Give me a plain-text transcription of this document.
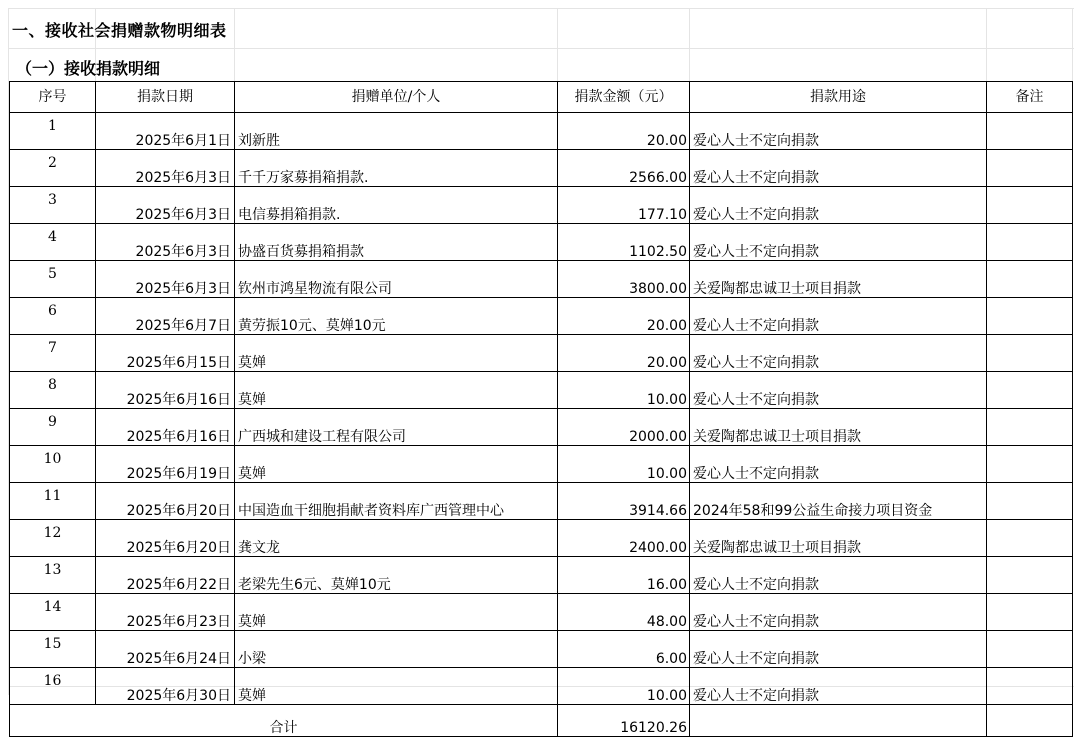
一、接收社会捐赠款物明细表
（一）接收捐款明细
序号	捐款日期	捐赠单位/个人	捐款金额（元）	捐款用途	备注
1	2025年6月1日	刘新胜	20.00	爱心人士不定向捐款	
2	2025年6月3日	千千万家募捐箱捐款.	2566.00	爱心人士不定向捐款	
3	2025年6月3日	电信募捐箱捐款.	177.10	爱心人士不定向捐款	
4	2025年6月3日	协盛百货募捐箱捐款	1102.50	爱心人士不定向捐款	
5	2025年6月3日	钦州市鸿星物流有限公司	3800.00	关爱陶都忠诚卫士项目捐款	
6	2025年6月7日	黄劳振10元、莫婵10元	20.00	爱心人士不定向捐款	
7	2025年6月15日	莫婵	20.00	爱心人士不定向捐款	
8	2025年6月16日	莫婵	10.00	爱心人士不定向捐款	
9	2025年6月16日	广西城和建设工程有限公司	2000.00	关爱陶都忠诚卫士项目捐款	
10	2025年6月19日	莫婵	10.00	爱心人士不定向捐款	
11	2025年6月20日	中国造血干细胞捐献者资料库广西管理中心	3914.66	2024年58和99公益生命接力项目资金	
12	2025年6月20日	龚文龙	2400.00	关爱陶都忠诚卫士项目捐款	
13	2025年6月22日	老梁先生6元、莫婵10元	16.00	爱心人士不定向捐款	
14	2025年6月23日	莫婵	48.00	爱心人士不定向捐款	
15	2025年6月24日	小梁	6.00	爱心人士不定向捐款	
16	2025年6月30日	莫婵	10.00	爱心人士不定向捐款	
合计			16120.26		
